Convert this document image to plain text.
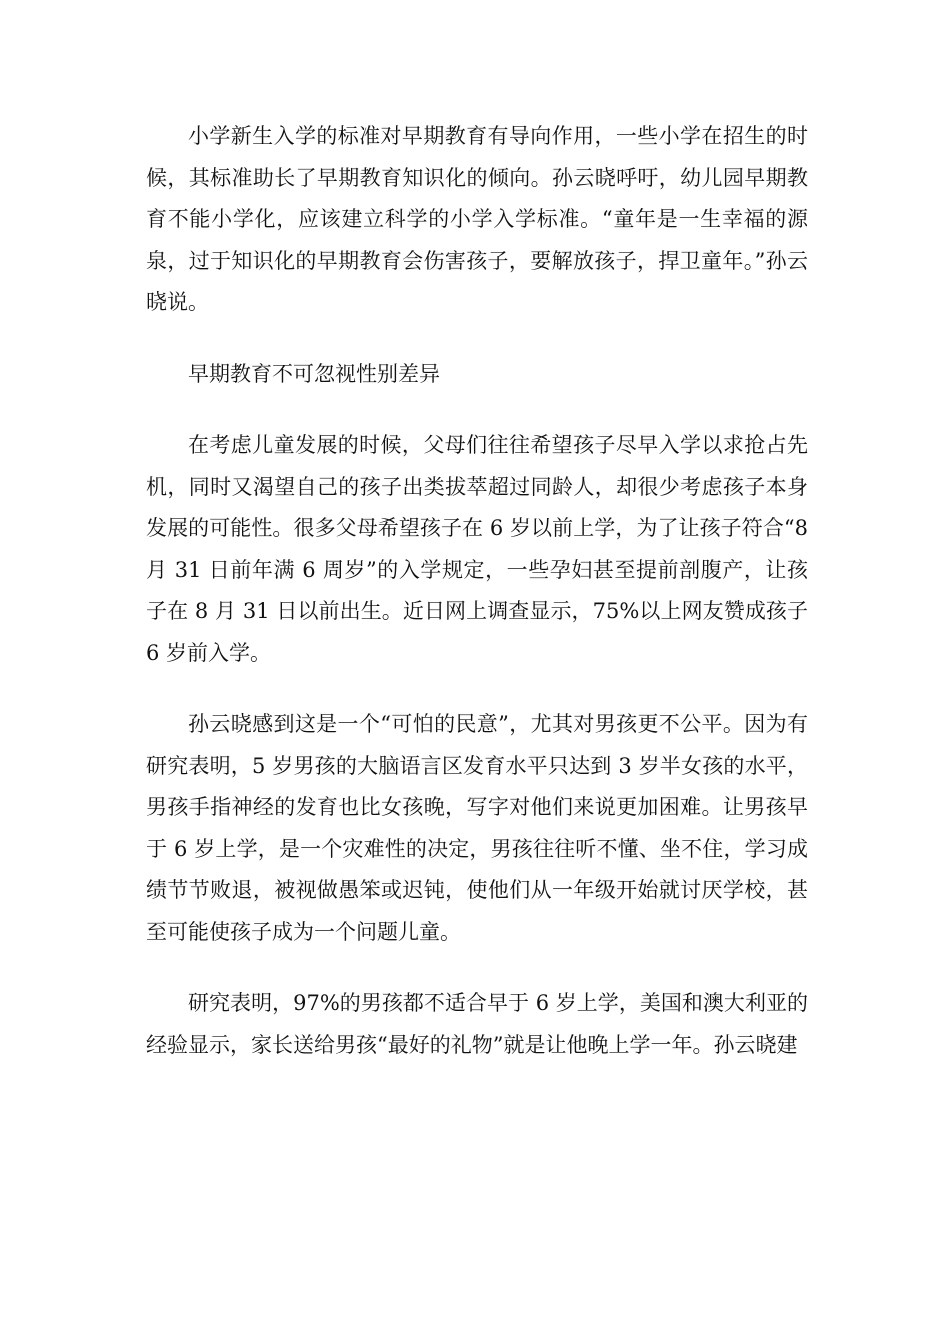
小学新生入学的标准对早期教育有导向作用，一些小学在招生的时候，其标准助长了早期教育知识化的倾向。孙云晓呼吁，幼儿园早期教育不能小学化，应该建立科学的小学入学标准。“童年是一生幸福的源泉，过于知识化的早期教育会伤害孩子，要解放孩子，捍卫童年。”孙云晓说。

早期教育不可忽视性别差异

在考虑儿童发展的时候，父母们往往希望孩子尽早入学以求抢占先机，同时又渴望自己的孩子出类拔萃超过同龄人，却很少考虑孩子本身发展的可能性。很多父母希望孩子在 6 岁以前上学，为了让孩子符合“8 月 31 日前年满 6 周岁”的入学规定，一些孕妇甚至提前剖腹产，让孩子在 8 月 31 日以前出生。近日网上调查显示，75%以上网友赞成孩子 6 岁前入学。

孙云晓感到这是一个“可怕的民意”，尤其对男孩更不公平。因为有研究表明，5 岁男孩的大脑语言区发育水平只达到 3 岁半女孩的水平，男孩手指神经的发育也比女孩晚，写字对他们来说更加困难。让男孩早于 6 岁上学，是一个灾难性的决定，男孩往往听不懂、坐不住，学习成绩节节败退，被视做愚笨或迟钝，使他们从一年级开始就讨厌学校，甚至可能使孩子成为一个问题儿童。

研究表明，97%的男孩都不适合早于 6 岁上学，美国和澳大利亚的经验显示，家长送给男孩“最好的礼物”就是让他晚上学一年。孙云晓建
